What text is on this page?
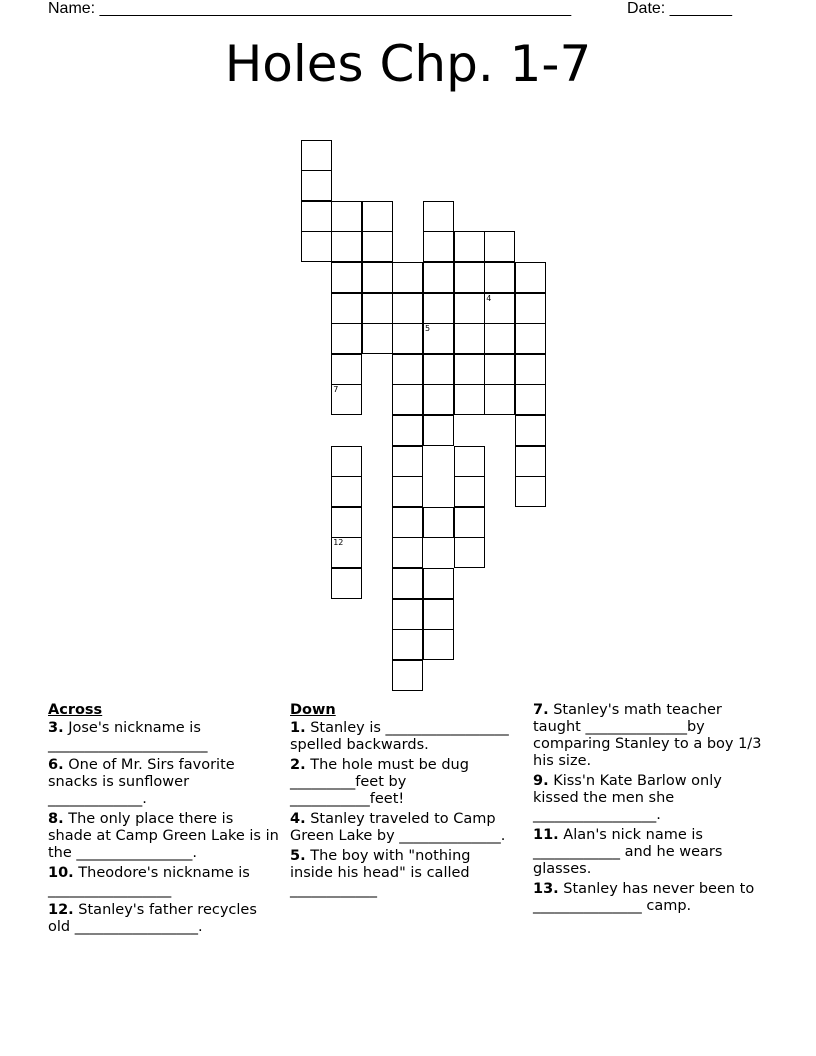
Name: _____________________________________________________	Date: _______
Holes Chp. 1-7
7
12
5
4
Across
3. Jose's nickname is ______________________
6. One of Mr. Sirs favorite snacks is sunflower _____________.
8. The only place there is shade at Camp Green Lake is in the ________________.
10. Theodore's nickname is _________________
12. Stanley's father recycles old _________________.
Down
1. Stanley is _________________ spelled backwards.
2. The hole must be dug _________feet by ___________feet!
4. Stanley traveled to Camp Green Lake by ______________.
5. The boy with "nothing inside his head" is called ____________
7. Stanley's math teacher taught ______________by comparing Stanley to a boy 1/3 his size.
9. Kiss'n Kate Barlow only kissed the men she _________________.
11. Alan's nick name is ____________ and he wears glasses.
13. Stanley has never been to _______________ camp.
